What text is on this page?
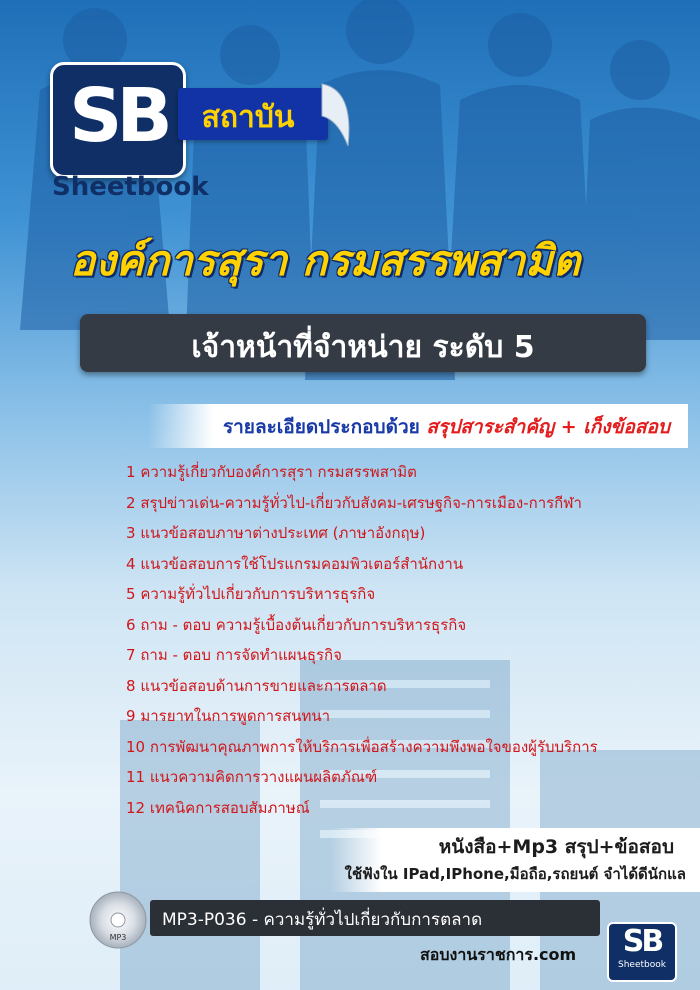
SB	สถาบัน
Sheetbook
องค์การสุรา กรมสรรพสามิต
เจ้าหน้าที่จำหน่าย ระดับ 5
รายละเอียดประกอบด้วย สรุปสาระสำคัญ + เก็งข้อสอบ
1 ความรู้เกี่ยวกับองค์การสุรา กรมสรรพสามิต
2 สรุปข่าวเด่น-ความรู้ทั่วไป-เกี่ยวกับสังคม-เศรษฐกิจ-การเมือง-การกีฬา
3 แนวข้อสอบภาษาต่างประเทศ (ภาษาอังกฤษ)
4 แนวข้อสอบการใช้โปรแกรมคอมพิวเตอร์สำนักงาน
5 ความรู้ทั่วไปเกี่ยวกับการบริหารธุรกิจ
6 ถาม - ตอบ ความรู้เบื้องต้นเกี่ยวกับการบริหารธุรกิจ
7 ถาม - ตอบ การจัดทำแผนธุรกิจ
8 แนวข้อสอบด้านการขายและการตลาด
9 มารยาทในการพูดการสนทนา
10 การพัฒนาคุณภาพการให้บริการเพื่อสร้างความพึงพอใจของผู้รับบริการ
11 แนวความคิดการวางแผนผลิตภัณฑ์
12 เทคนิคการสอบสัมภาษณ์
หนังสือ+Mp3 สรุป+ข้อสอบ
ใช้ฟังใน IPad,IPhone,มือถือ,รถยนต์ จำได้ดีนักแล
MP3
MP3-P036 - ความรู้ทั่วไปเกี่ยวกับการตลาด
สอบงานราชการ.com	SB
Sheetbook
